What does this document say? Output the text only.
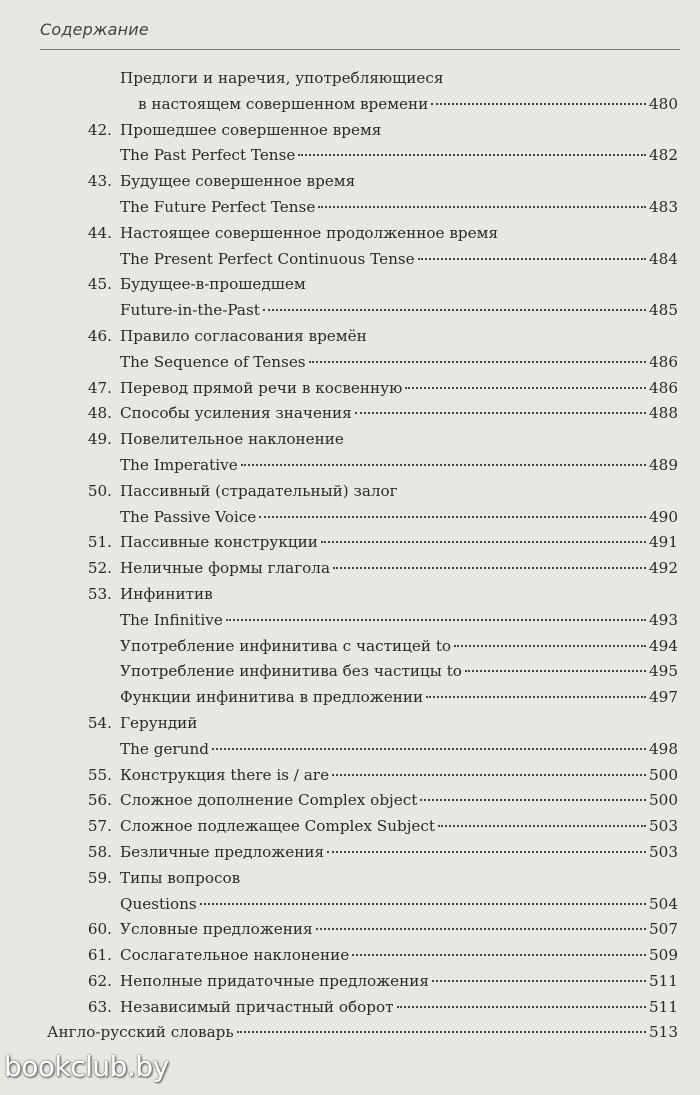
Содержание
Предлоги и наречия, употребляющиеся
в настоящем совершенном времени	480
42. Прошедшее совершенное время
The Past Perfect Tense	482
43. Будущее совершенное время
The Future Perfect Tense	483
44. Настоящее совершенное продолженное время
The Present Perfect Continuous Tense	484
45. Будущее-в-прошедшем
Future-in-the-Past	485
46. Правило согласования времён
The Sequence of Tenses	486
47. Перевод прямой речи в косвенную	486
48. Способы усиления значения	488
49. Повелительное наклонение
The Imperative	489
50. Пассивный (страдательный) залог
The Passive Voice	490
51. Пассивные конструкции	491
52. Неличные формы глагола	492
53. Инфинитив
The Infinitive	493
Употребление инфинитива с частицей to	494
Употребление инфинитива без частицы to	495
Функции инфинитива в предложении	497
54. Герундий
The gerund	498
55. Конструкция there is / are	500
56. Сложное дополнение Complex object	500
57. Сложное подлежащее Complex Subject	503
58. Безличные предложения	503
59. Типы вопросов
Questions	504
60. Условные предложения	507
61. Сослагательное наклонение	509
62. Неполные придаточные предложения	511
63. Независимый причастный оборот	511
Англо-русский словарь	513
bookclub.by
